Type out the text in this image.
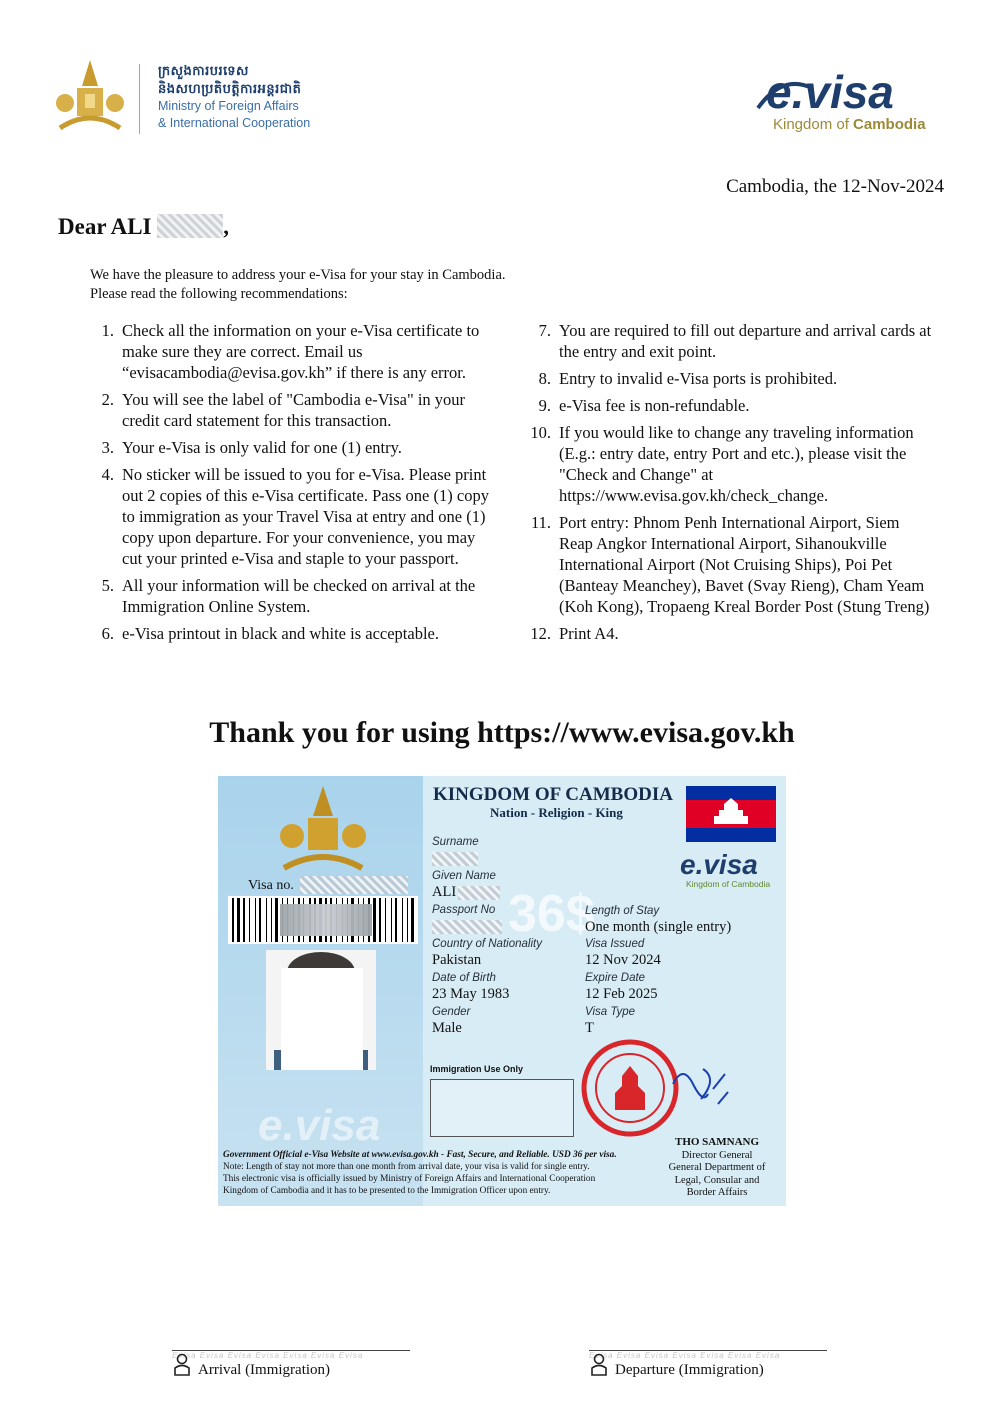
ក្រសួងការបរទេស
និងសហប្រតិបត្តិការអន្តរជាតិ
Ministry of Foreign Affairs
& International Cooperation
e.visa
Kingdom of Cambodia
Cambodia, the 12-Nov-2024
Dear ALI	,
We have the pleasure to address your e-Visa for your stay in Cambodia.
Please read the following recommendations:
1. Check all the information on your e-Visa certificate to make sure they are correct. Email us “evisacambodia@evisa.gov.kh” if there is any error.
2. You will see the label of "Cambodia e-Visa" in your credit card statement for this transaction.
3. Your e-Visa is only valid for one (1) entry.
4. No sticker will be issued to you for e-Visa. Please print out 2 copies of this e-Visa certificate. Pass one (1) copy to immigration as your Travel Visa at entry and one (1) copy upon departure. For your convenience, you may cut your printed e-Visa and staple to your passport.
5. All your information will be checked on arrival at the Immigration Online System.
6. e-Visa printout in black and white is acceptable.
7. You are required to fill out departure and arrival cards at the entry and exit point.
8. Entry to invalid e-Visa ports is prohibited.
9. e-Visa fee is non-refundable.
10. If you would like to change any traveling information (E.g.: entry date, entry Port and etc.), please visit the "Check and Change" at https://www.evisa.gov.kh/check_change.
11. Port entry: Phnom Penh International Airport, Siem Reap Angkor International Airport, Sihanoukville International Airport (Not Cruising Ships), Poi Pet (Banteay Meanchey), Bavet (Svay Rieng), Cham Yeam (Koh Kong), Tropaeng Kreal Border Post (Stung Treng)
12. Print A4.
Thank you for using https://www.evisa.gov.kh
Visa no.
e.visa
KINGDOM OF CAMBODIA
Nation - Religion - King
e.visa
Kingdom of Cambodia
36$
Surname
Given Name
ALI
Passport No
Country of Nationality
Pakistan
Date of Birth
23 May 1983
Gender
Male
Length of Stay
One month (single entry)
Visa Issued
12 Nov 2024
Expire Date
12 Feb 2025
Visa Type
T
Immigration Use Only
THO SAMNANG
Director General
General Department of
Legal, Consular and
Border Affairs
Government Official e-Visa Website at www.evisa.gov.kh - Fast, Secure, and Reliable. USD 36 per visa.
Note: Length of stay not more than one month from arrival date, your visa is valid for single entry.
This electronic visa is officially issued by Ministry of Foreign Affairs and International Cooperation
Kingdom of Cambodia and it has to be presented to the Immigration Officer upon entry.
Evisa Evisa Evisa Evisa Evisa Evisa Evisa
Arrival (Immigration)
Evisa Evisa Evisa Evisa Evisa Evisa Evisa
Departure (Immigration)
